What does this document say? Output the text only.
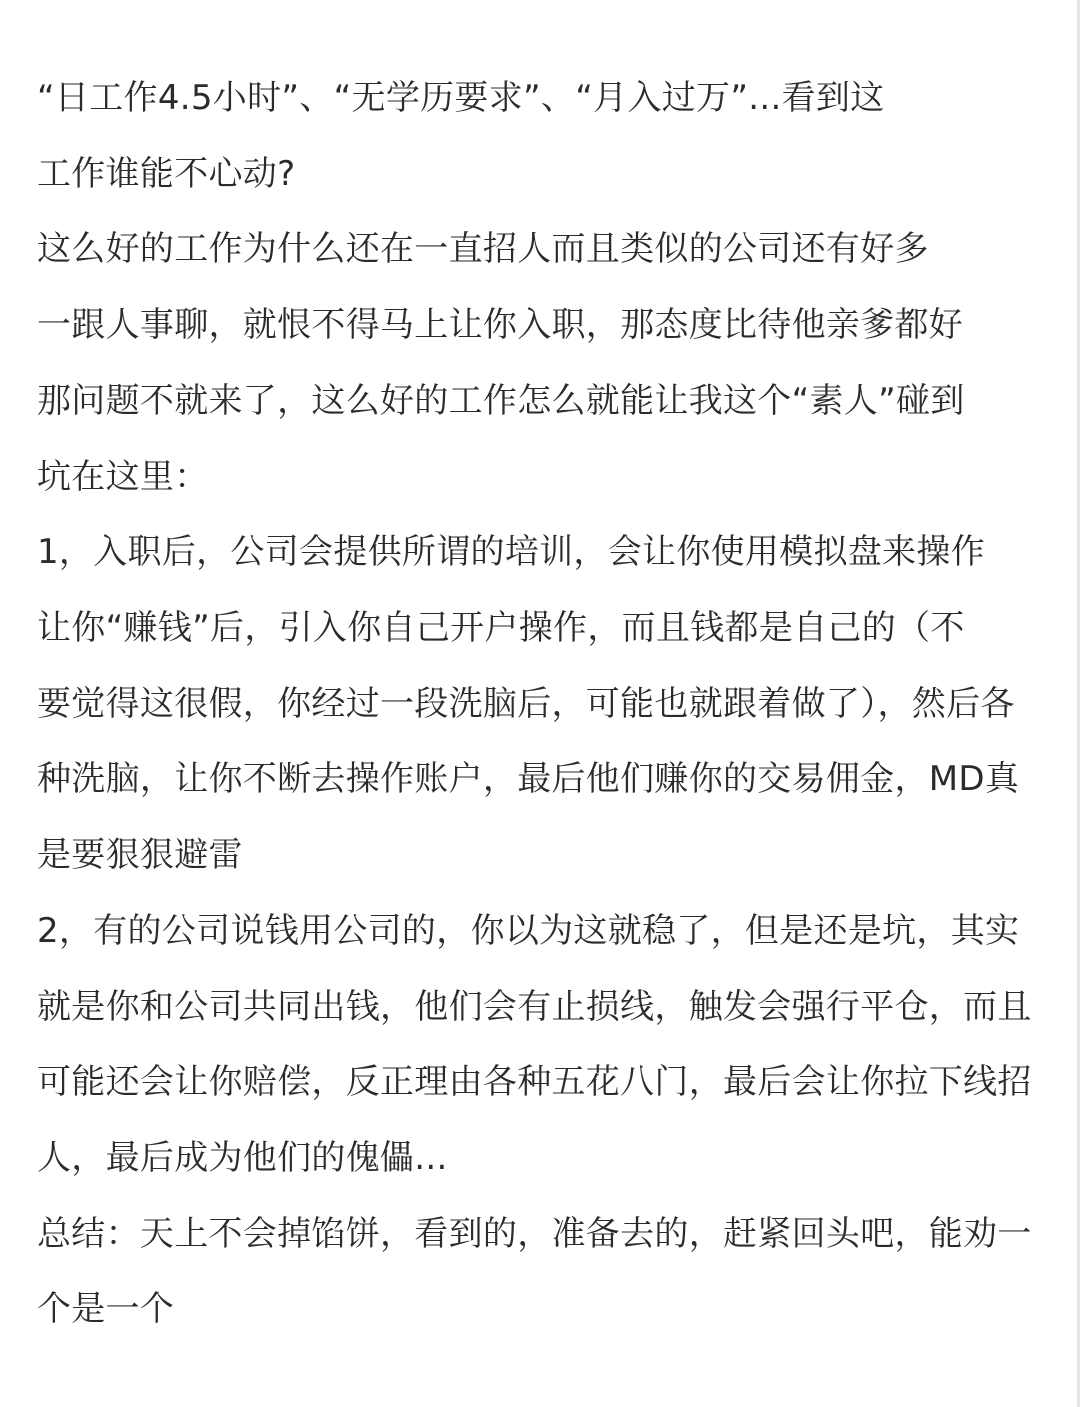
“日工作4.5小时”、“无学历要求”、“月入过万”...看到这
工作谁能不心动?
这么好的工作为什么还在一直招人而且类似的公司还有好多
一跟人事聊，就恨不得马上让你入职，那态度比待他亲爹都好
那问题不就来了，这么好的工作怎么就能让我这个“素人”碰到
坑在这里：
1，入职后，公司会提供所谓的培训，会让你使用模拟盘来操作
让你“赚钱”后，引入你自己开户操作，而且钱都是自己的（不
要觉得这很假，你经过一段洗脑后，可能也就跟着做了），然后各
种洗脑，让你不断去操作账户，最后他们赚你的交易佣金，MD真
是要狠狠避雷
2，有的公司说钱用公司的，你以为这就稳了，但是还是坑，其实
就是你和公司共同出钱，他们会有止损线，触发会强行平仓，而且
可能还会让你赔偿，反正理由各种五花八门，最后会让你拉下线招
人，最后成为他们的傀儡...
总结：天上不会掉馅饼，看到的，准备去的，赶紧回头吧，能劝一
个是一个
